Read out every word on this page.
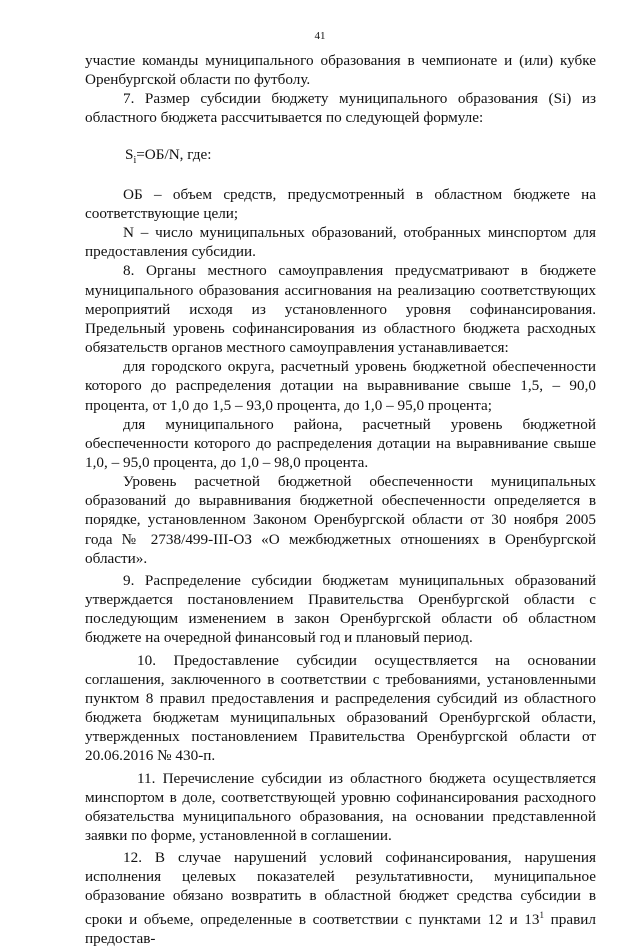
41

участие команды муниципального образования в чемпионате и (или) кубке Оренбургской области по футболу.

7. Размер субсидии бюджету муниципального образования (Si) из областного бюджета рассчитывается по следующей формуле:

$S_i=ОБ/N$, где:

ОБ – объем средств, предусмотренный в областном бюджете на соответствующие цели;

N – число муниципальных образований, отобранных минспортом для предоставления субсидии.

8. Органы местного самоуправления предусматривают в бюджете муниципального образования ассигнования на реализацию соответствующих мероприятий исходя из установленного уровня софинансирования. Предельный уровень софинансирования из областного бюджета расходных обязательств органов местного самоуправления устанавливается:

для городского округа, расчетный уровень бюджетной обеспеченности которого до распределения дотации на выравнивание свыше 1,5, – 90,0 процента, от 1,0 до 1,5 – 93,0 процента, до 1,0 – 95,0 процента;

для муниципального района, расчетный уровень бюджетной обеспеченности которого до распределения дотации на выравнивание свыше 1,0, – 95,0 процента, до 1,0 – 98,0 процента.

Уровень расчетной бюджетной обеспеченности муниципальных образований до выравнивания бюджетной обеспеченности определяется в порядке, установленном Законом Оренбургской области от 30 ноября 2005 года № 2738/499-III-ОЗ «О межбюджетных отношениях в Оренбургской области».

9. Распределение субсидии бюджетам муниципальных образований утверждается постановлением Правительства Оренбургской области с последующим изменением в закон Оренбургской области об областном бюджете на очередной финансовый год и плановый период.

10. Предоставление субсидии осуществляется на основании соглашения, заключенного в соответствии с требованиями, установленными пунктом 8 правил предоставления и распределения субсидий из областного бюджета бюджетам муниципальных образований Оренбургской области, утвержденных постановлением Правительства Оренбургской области от 20.06.2016 № 430-п.

11. Перечисление субсидии из областного бюджета осуществляется минспортом в доле, соответствующей уровню софинансирования расходного обязательства муниципального образования, на основании представленной заявки по форме, установленной в соглашении.

12. В случае нарушений условий софинансирования, нарушения исполнения целевых показателей результативности, муниципальное образование обязано возвратить в областной бюджет средства субсидии в сроки и объеме, определенные в соответствии с пунктами 12 и $13^1$ правил предостав-
